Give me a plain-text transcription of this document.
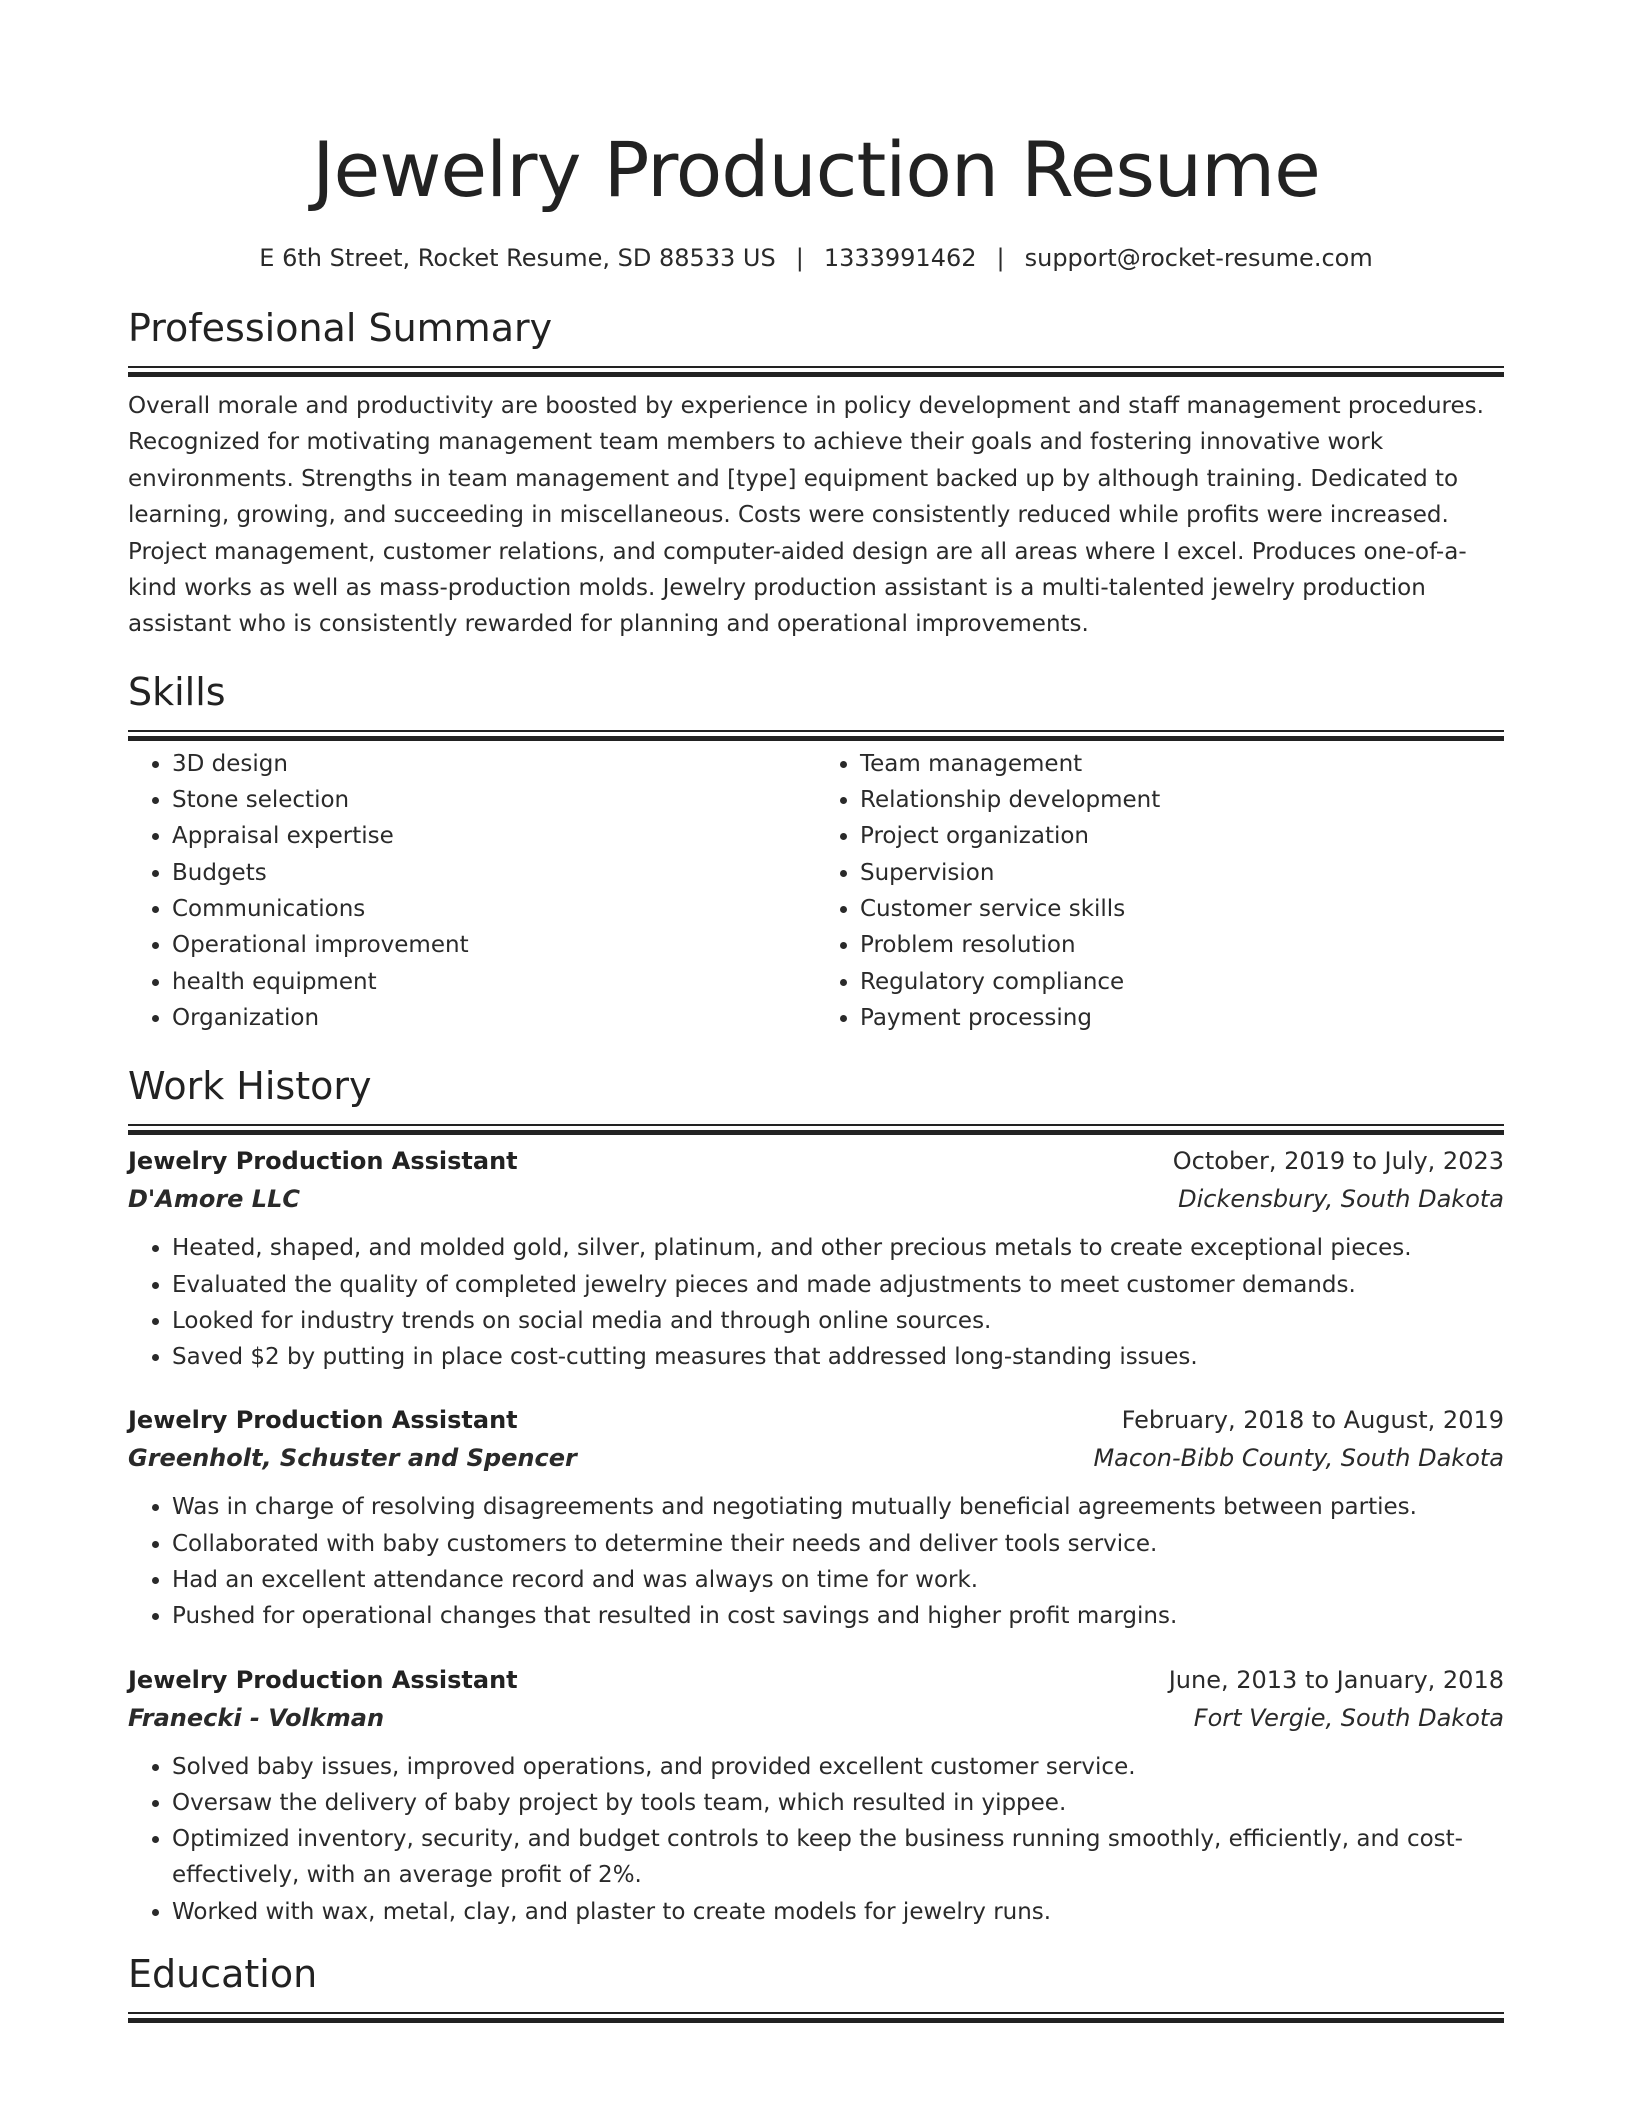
Jewelry Production Resume
E 6th Street, Rocket Resume, SD 88533 US | 1333991462 | support@rocket-resume.com
Professional Summary

Overall morale and productivity are boosted by experience in policy development and staff management procedures. Recognized for motivating management team members to achieve their goals and fostering innovative work environments. Strengths in team management and [type] equipment backed up by although training. Dedicated to learning, growing, and succeeding in miscellaneous. Costs were consistently reduced while profits were increased. Project management, customer relations, and computer-aided design are all areas where I excel. Produces one-of-a-kind works as well as mass-production molds. Jewelry production assistant is a multi-talented jewelry production assistant who is consistently rewarded for planning and operational improvements.

Skills
• 3D design
• Stone selection
• Appraisal expertise
• Budgets
• Communications
• Operational improvement
• health equipment
• Organization
• Team management
• Relationship development
• Project organization
• Supervision
• Customer service skills
• Problem resolution
• Regulatory compliance
• Payment processing
Work History
Jewelry Production Assistant	October, 2019 to July, 2023
D'Amore LLC	Dickensbury, South Dakota
• Heated, shaped, and molded gold, silver, platinum, and other precious metals to create exceptional pieces.
• Evaluated the quality of completed jewelry pieces and made adjustments to meet customer demands.
• Looked for industry trends on social media and through online sources.
• Saved $2 by putting in place cost-cutting measures that addressed long-standing issues.
Jewelry Production Assistant	February, 2018 to August, 2019
Greenholt, Schuster and Spencer	Macon-Bibb County, South Dakota
• Was in charge of resolving disagreements and negotiating mutually beneficial agreements between parties.
• Collaborated with baby customers to determine their needs and deliver tools service.
• Had an excellent attendance record and was always on time for work.
• Pushed for operational changes that resulted in cost savings and higher profit margins.
Jewelry Production Assistant	June, 2013 to January, 2018
Franecki - Volkman	Fort Vergie, South Dakota
• Solved baby issues, improved operations, and provided excellent customer service.
• Oversaw the delivery of baby project by tools team, which resulted in yippee.
• Optimized inventory, security, and budget controls to keep the business running smoothly, efficiently, and cost-effectively, with an average profit of 2%.
• Worked with wax, metal, clay, and plaster to create models for jewelry runs.
Education
